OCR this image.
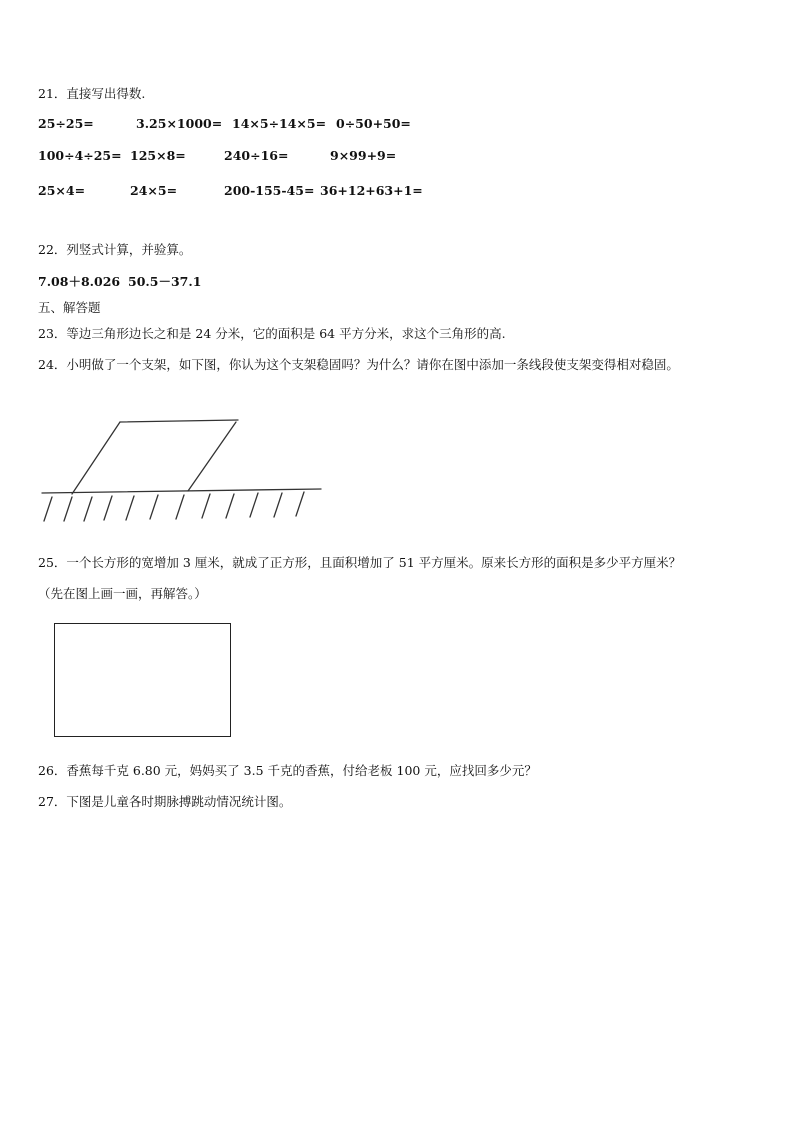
21．直接写出得数.
25÷25=	3.25×1000= 14×5÷14×5= 0÷50+50=
100÷4÷25= 125×8=	240÷16=	9×99+9=
25×4=	24×5=	200-155-45= 36+12+63+1=
22．列竖式计算，并验算。
7.08＋8.026 50.5－37.1
五、解答题
23．等边三角形边长之和是 24 分米，它的面积是 64 平方分米，求这个三角形的高.
24．小明做了一个支架，如下图，你认为这个支架稳固吗？为什么？请你在图中添加一条线段使支架变得相对稳固。
25．一个长方形的宽增加 3 厘米，就成了正方形，且面积增加了 51 平方厘米。原来长方形的面积是多少平方厘米？
（先在图上画一画，再解答。）
26．香蕉每千克 6.80 元，妈妈买了 3.5 千克的香蕉，付给老板 100 元，应找回多少元？
27．下图是儿童各时期脉搏跳动情况统计图。
